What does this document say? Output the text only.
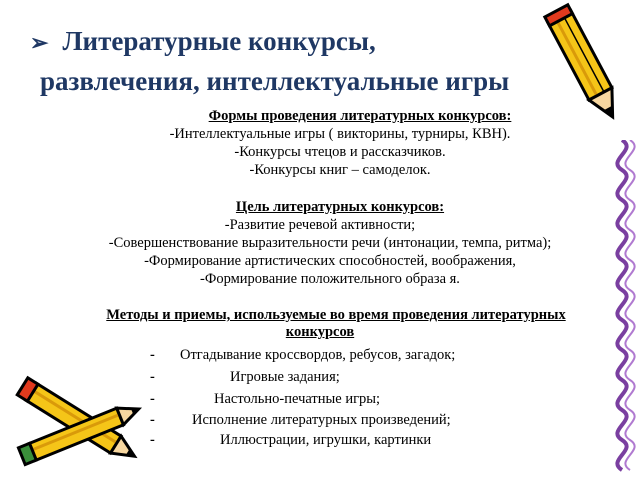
➢ Литературные конкурсы,
развлечения, интеллектуальные игры
Формы проведения литературных конкурсов:
-Интеллектуальные игры ( викторины, турниры, КВН).
-Конкурсы чтецов и рассказчиков.
-Конкурсы книг – самоделок.
Цель литературных конкурсов:
-Развитие речевой активности;
-Совершенствование выразительности речи (интонации, темпа, ритма);
-Формирование артистических способностей, воображения,
-Формирование положительного образа я.
Методы и приемы, используемые во время проведения литературных
конкурсов
- Отгадывание кроссвордов, ребусов, загадок;
-	Игровые задания;
-	Настольно-печатные игры;
-	Исполнение литературных произведений;
-	Иллюстрации, игрушки, картинки
